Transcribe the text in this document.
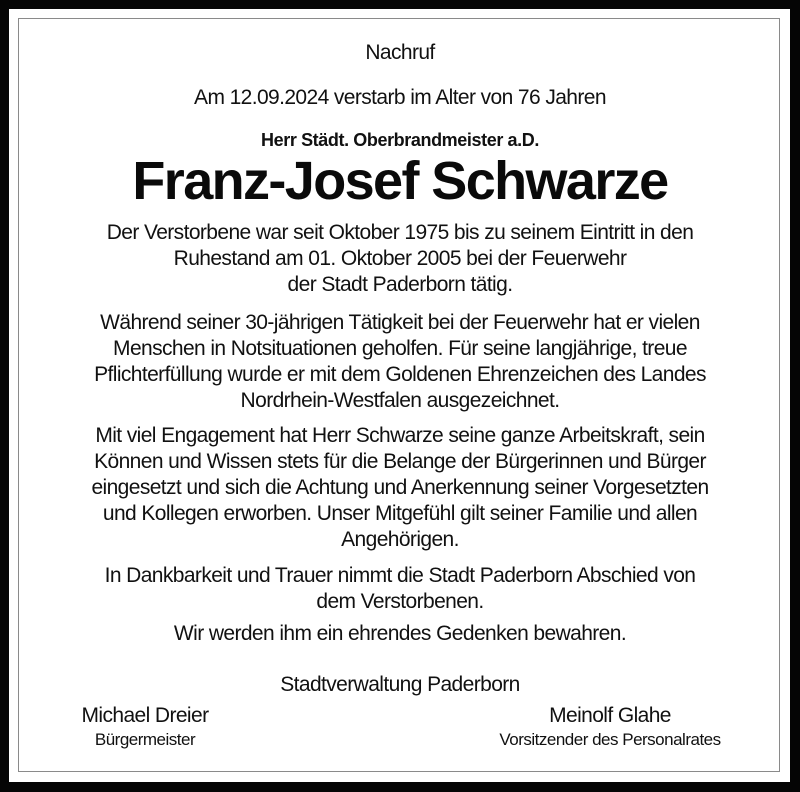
Nachruf
Am 12.09.2024 verstarb im Alter von 76 Jahren
Herr Städt. Oberbrandmeister a.D.
Franz-Josef Schwarze
Der Verstorbene war seit Oktober 1975 bis zu seinem Eintritt in den
Ruhestand am 01. Oktober 2005 bei der Feuerwehr
der Stadt Paderborn tätig.
Während seiner 30-jährigen Tätigkeit bei der Feuerwehr hat er vielen
Menschen in Notsituationen geholfen. Für seine langjährige, treue
Pflichterfüllung wurde er mit dem Goldenen Ehrenzeichen des Landes
Nordrhein-Westfalen ausgezeichnet.
Mit viel Engagement hat Herr Schwarze seine ganze Arbeitskraft, sein
Können und Wissen stets für die Belange der Bürgerinnen und Bürger
eingesetzt und sich die Achtung und Anerkennung seiner Vorgesetzten
und Kollegen erworben. Unser Mitgefühl gilt seiner Familie und allen
Angehörigen.
In Dankbarkeit und Trauer nimmt die Stadt Paderborn Abschied von
dem Verstorbenen.
Wir werden ihm ein ehrendes Gedenken bewahren.
Stadtverwaltung Paderborn
Michael Dreier
Bürgermeister
Meinolf Glahe
Vorsitzender des Personalrates
